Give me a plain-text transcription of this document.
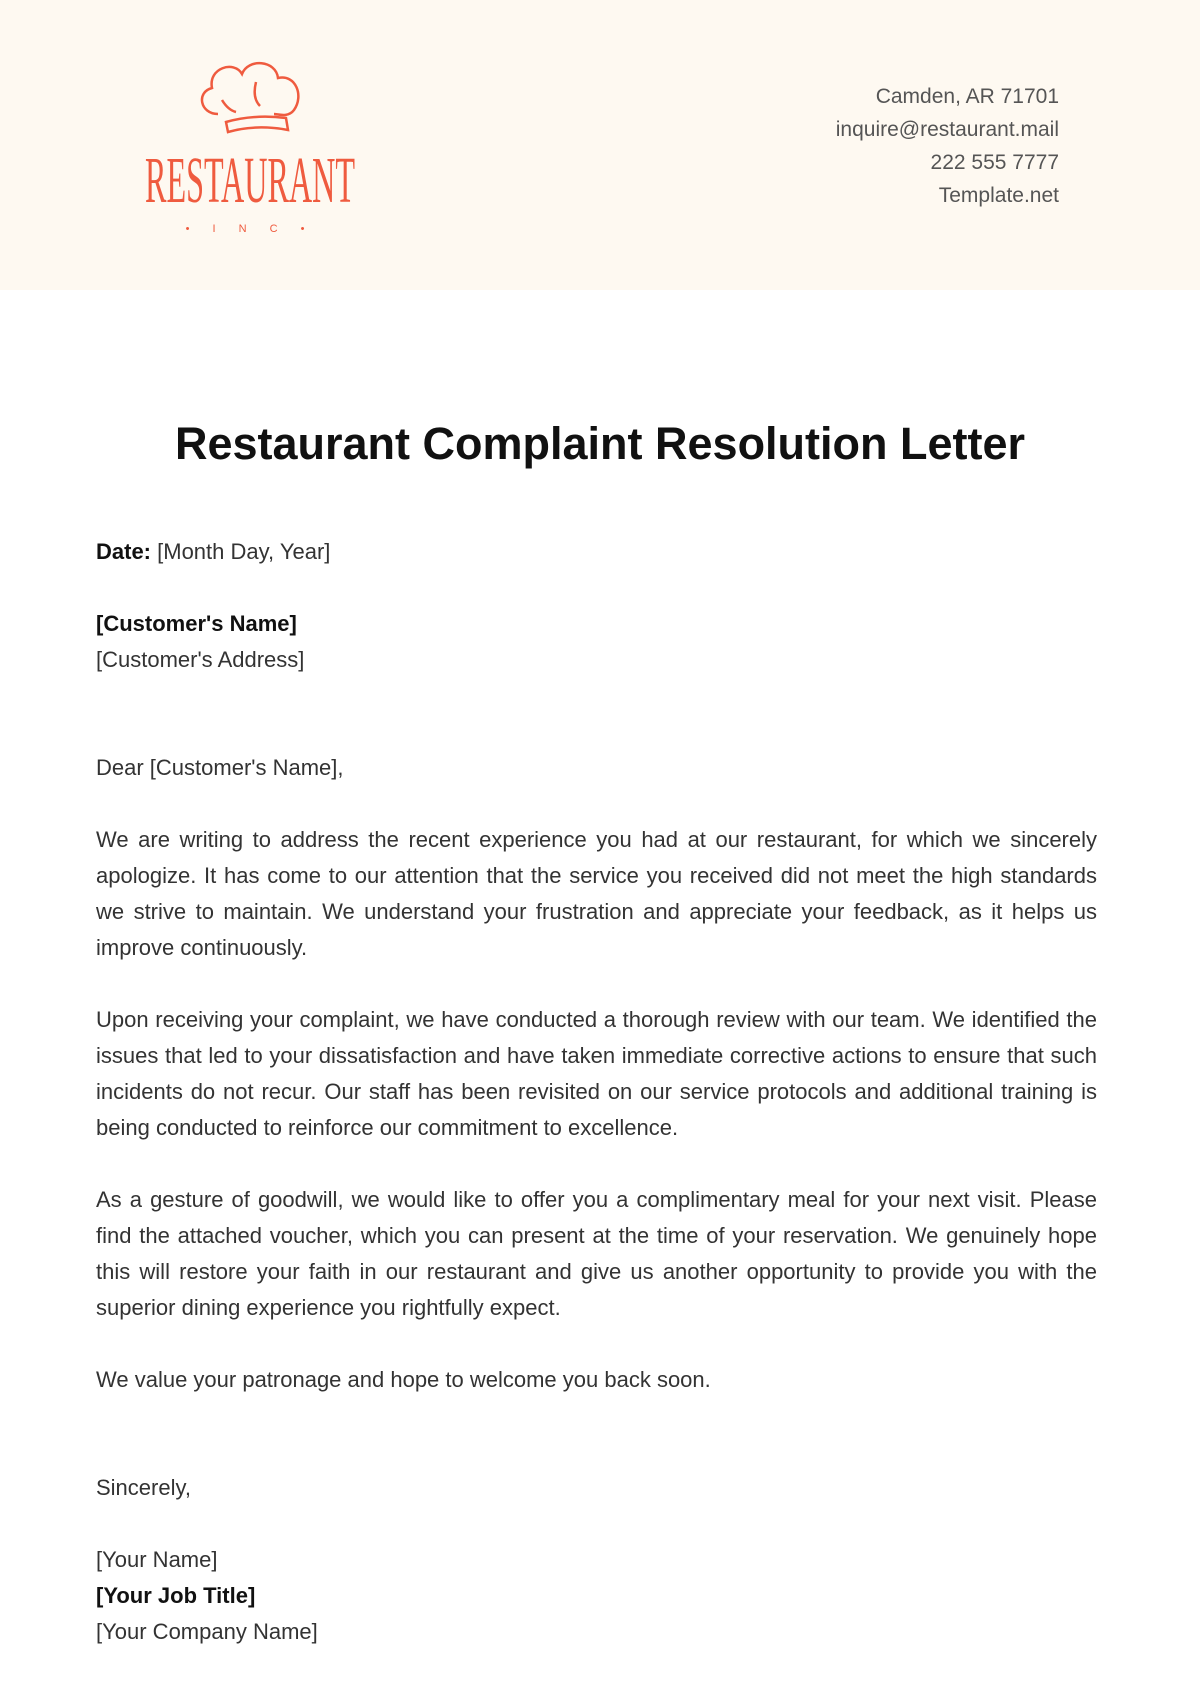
RESTAURANT
• I N C •
Camden, AR 71701
inquire@restaurant.mail
222 555 7777
Template.net
Restaurant Complaint Resolution Letter

Date: [Month Day, Year]

[Customer's Name]

[Customer's Address]

Dear [Customer's Name],

We are writing to address the recent experience you had at our restaurant, for which we sincerely apologize. It has come to our attention that the service you received did not meet the high standards we strive to maintain. We understand your frustration and appreciate your feedback, as it helps us improve continuously.

Upon receiving your complaint, we have conducted a thorough review with our team. We identified the issues that led to your dissatisfaction and have taken immediate corrective actions to ensure that such incidents do not recur. Our staff has been revisited on our service protocols and additional training is being conducted to reinforce our commitment to excellence.

As a gesture of goodwill, we would like to offer you a complimentary meal for your next visit. Please find the attached voucher, which you can present at the time of your reservation. We genuinely hope this will restore your faith in our restaurant and give us another opportunity to provide you with the superior dining experience you rightfully expect.

We value your patronage and hope to welcome you back soon.

Sincerely,

[Your Name]

[Your Job Title]

[Your Company Name]
